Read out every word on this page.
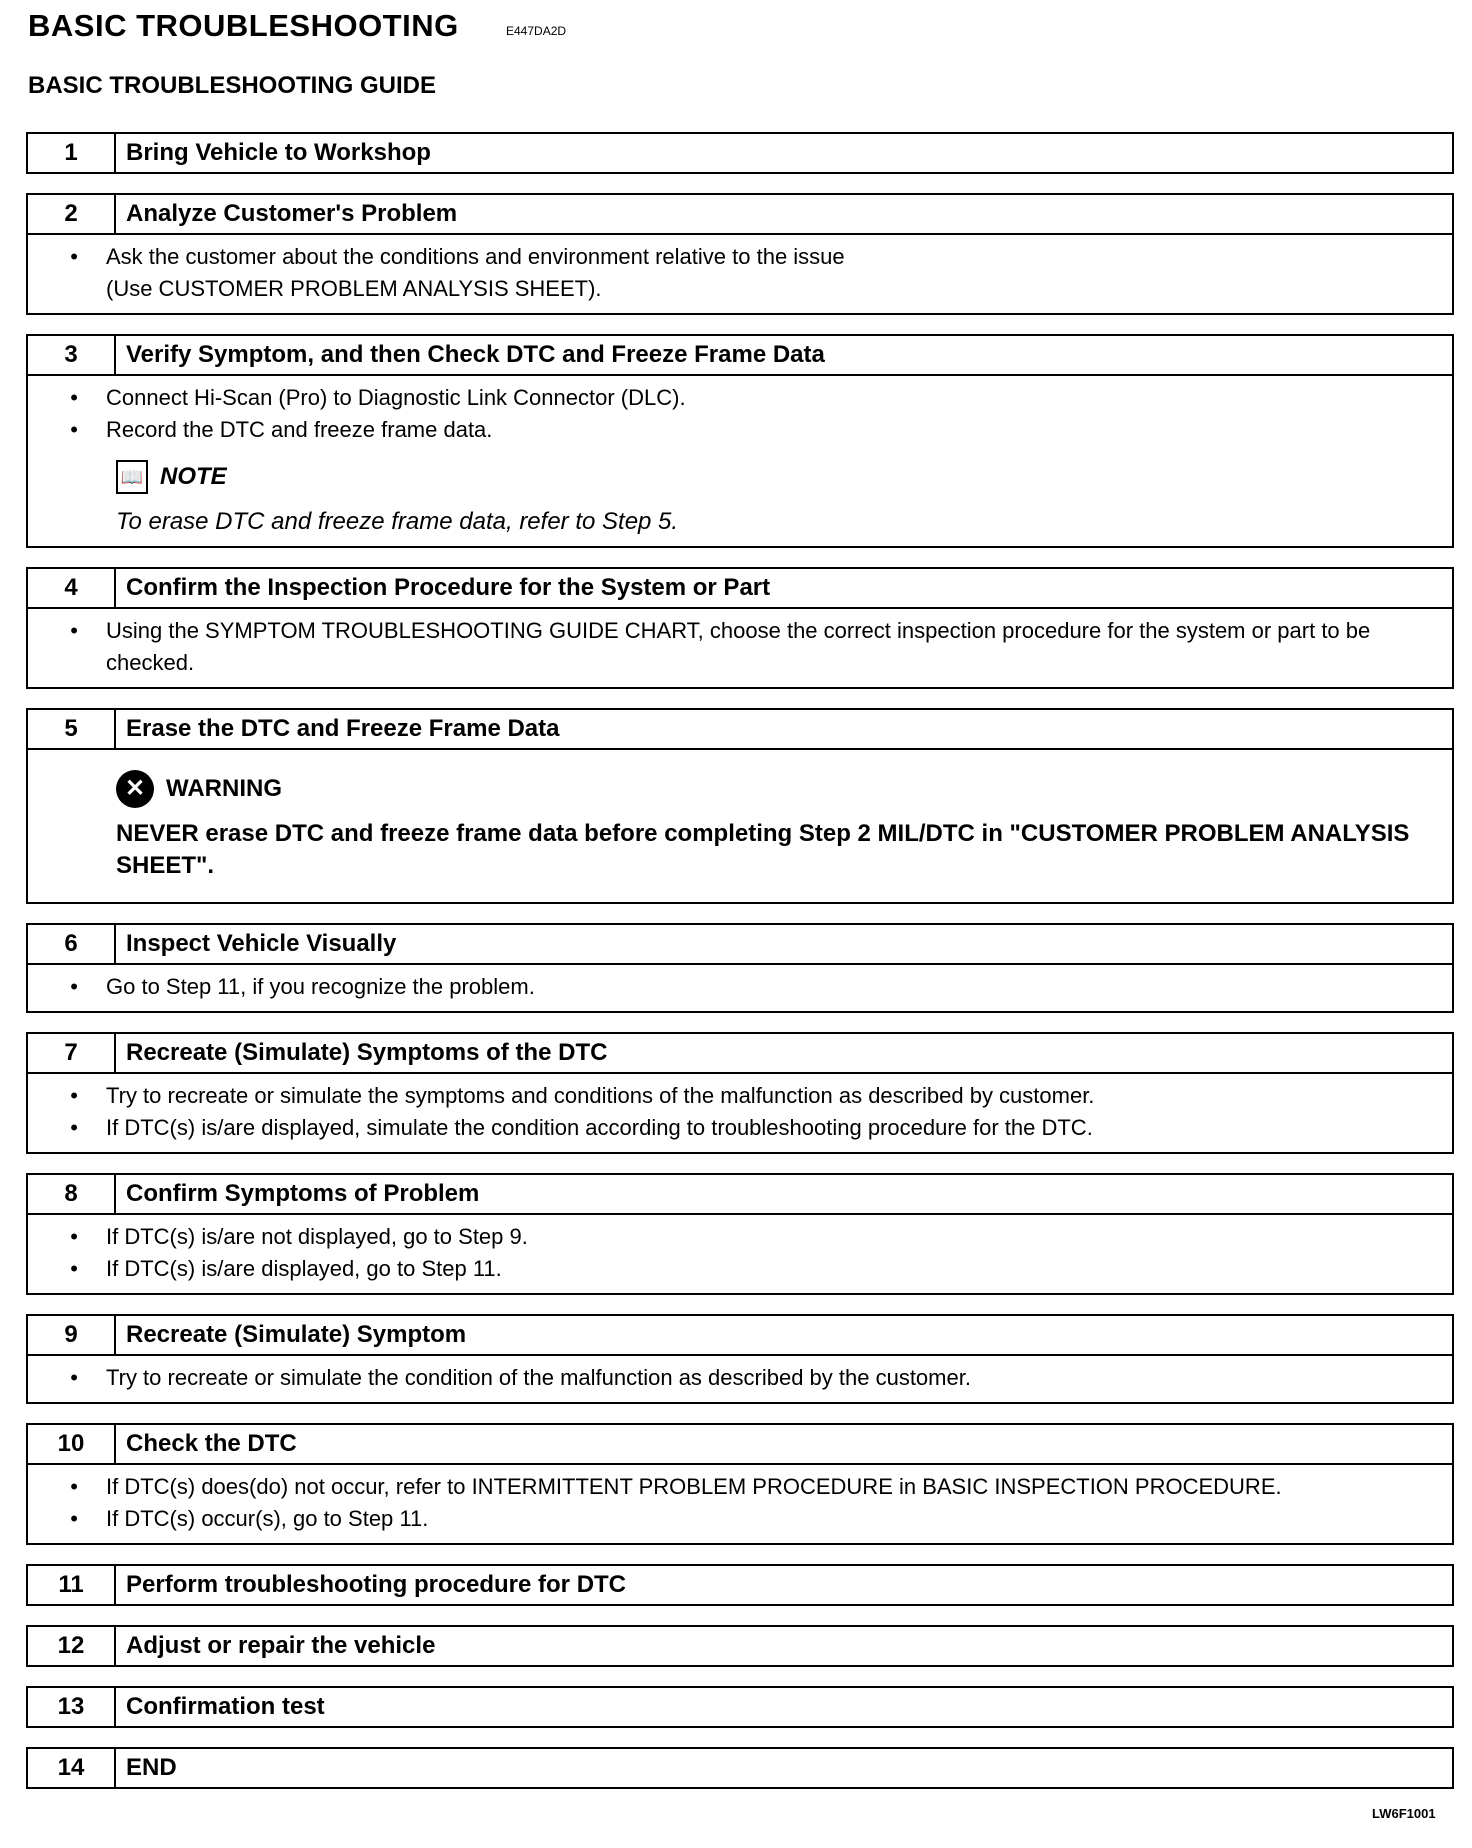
BASIC TROUBLESHOOTING	E447DA2D
BASIC TROUBLESHOOTING GUIDE
1	Bring Vehicle to Workshop
2	Analyze Customer's Problem
•	Ask the customer about the conditions and environment relative to the issue
(Use CUSTOMER PROBLEM ANALYSIS SHEET).
3	Verify Symptom, and then Check DTC and Freeze Frame Data
•	Connect Hi-Scan (Pro) to Diagnostic Link Connector (DLC).
•	Record the DTC and freeze frame data.
📖 NOTE
To erase DTC and freeze frame data, refer to Step 5.
4	Confirm the Inspection Procedure for the System or Part
•	Using the SYMPTOM TROUBLESHOOTING GUIDE CHART, choose the correct inspection procedure for the system or part to be checked.
5	Erase the DTC and Freeze Frame Data
✕ WARNING
NEVER erase DTC and freeze frame data before completing Step 2 MIL/DTC in "CUSTOMER PROBLEM ANALYSIS SHEET".
6	Inspect Vehicle Visually
•	Go to Step 11, if you recognize the problem.
7	Recreate (Simulate) Symptoms of the DTC
•	Try to recreate or simulate the symptoms and conditions of the malfunction as described by customer.
•	If DTC(s) is/are displayed, simulate the condition according to troubleshooting procedure for the DTC.
8	Confirm Symptoms of Problem
•	If DTC(s) is/are not displayed, go to Step 9.
•	If DTC(s) is/are displayed, go to Step 11.
9	Recreate (Simulate) Symptom
•	Try to recreate or simulate the condition of the malfunction as described by the customer.
10	Check the DTC
•	If DTC(s) does(do) not occur, refer to INTERMITTENT PROBLEM PROCEDURE in BASIC INSPECTION PROCEDURE.
•	If DTC(s) occur(s), go to Step 11.
11	Perform troubleshooting procedure for DTC
12	Adjust or repair the vehicle
13	Confirmation test
14	END
LW6F1001
